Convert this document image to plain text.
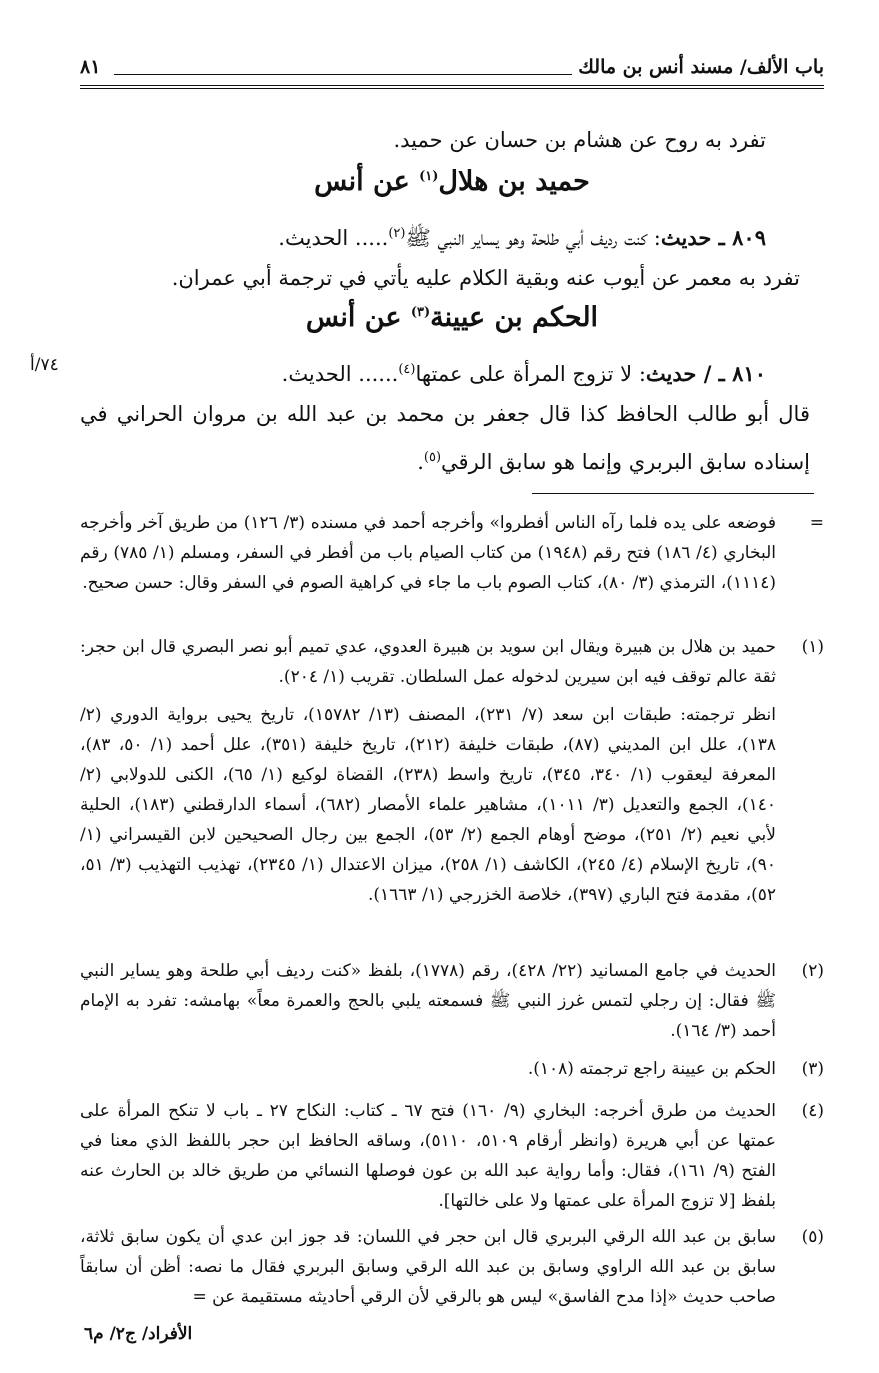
باب الألف/ مسند أنس بن مالك
٨١
تفرد به روح عن هشام بن حسان عن حميد.
حميد بن هلال$^{(١)}$ عن أنس
٨٠٩ ـ حديث: كنت رديف أبي طلحة وهو يساير النبي ﷺ$^{(٢)}$..... الحديث.
تفرد به معمر عن أيوب عنه وبقية الكلام عليه يأتي في ترجمة أبي عمران.
الحكم بن عيينة$^{(٣)}$ عن أنس
٨١٠ ـ / حديث: لا تزوج المرأة على عمتها$^{(٤)}$...... الحديث.
٧٤/أ
قال أبو طالب الحافظ كذا قال جعفر بن محمد بن عبد الله بن مروان الحراني في إسناده سابق البربري وإنما هو سابق الرقي$^{(٥)}$.
=
فوضعه على يده فلما رآه الناس أفطروا» وأخرجه أحمد في مسنده (٣/ ١٢٦) من طريق آخر وأخرجه البخاري (٤/ ١٨٦) فتح رقم (١٩٤٨) من كتاب الصيام باب من أفطر في السفر، ومسلم (١/ ٧٨٥) رقم (١١١٤)، الترمذي (٣/ ٨٠)، كتاب الصوم باب ما جاء في كراهية الصوم في السفر وقال: حسن صحيح.
(١)
حميد بن هلال بن هبيرة ويقال ابن سويد بن هبيرة العدوي، عدي تميم أبو نصر البصري قال ابن حجر: ثقة عالم توقف فيه ابن سيرين لدخوله عمل السلطان. تقريب (١/ ٢٠٤).
انظر ترجمته: طبقات ابن سعد (٧/ ٢٣١)، المصنف (١٣/ ١٥٧٨٢)، تاريخ يحيى برواية الدوري (٢/ ١٣٨)، علل ابن المديني (٨٧)، طبقات خليفة (٢١٢)، تاريخ خليفة (٣٥١)، علل أحمد (١/ ٥٠، ٨٣)، المعرفة ليعقوب (١/ ٣٤٠، ٣٤٥)، تاريخ واسط (٢٣٨)، القضاة لوكيع (١/ ٦٥)، الكنى للدولابي (٢/ ١٤٠)، الجمع والتعديل (٣/ ١٠١١)، مشاهير علماء الأمصار (٦٨٢)، أسماء الدارقطني (١٨٣)، الحلية لأبي نعيم (٢/ ٢٥١)، موضح أوهام الجمع (٢/ ٥٣)، الجمع بين رجال الصحيحين لابن القيسراني (١/ ٩٠)، تاريخ الإسلام (٤/ ٢٤٥)، الكاشف (١/ ٢٥٨)، ميزان الاعتدال (١/ ٢٣٤٥)، تهذيب التهذيب (٣/ ٥١، ٥٢)، مقدمة فتح الباري (٣٩٧)، خلاصة الخزرجي (١/ ١٦٦٣).
(٢)
الحديث في جامع المسانيد (٢٢/ ٤٢٨)، رقم (١٧٧٨)، بلفظ «كنت رديف أبي طلحة وهو يساير النبي ﷺ فقال: إن رجلي لتمس غرز النبي ﷺ فسمعته يلبي بالحج والعمرة معاً» بهامشه: تفرد به الإمام أحمد (٣/ ١٦٤).
(٣)
الحكم بن عيينة راجع ترجمته (١٠٨).
(٤)
الحديث من طرق أخرجه: البخاري (٩/ ١٦٠) فتح ٦٧ ـ كتاب: النكاح ٢٧ ـ باب لا تنكح المرأة على عمتها عن أبي هريرة (وانظر أرقام ٥١٠٩، ٥١١٠)، وساقه الحافظ ابن حجر باللفظ الذي معنا في الفتح (٩/ ١٦١)، فقال: وأما رواية عبد الله بن عون فوصلها النسائي من طريق خالد بن الحارث عنه بلفظ [لا تزوج المرأة على عمتها ولا على خالتها].
(٥)
سابق بن عبد الله الرقي البربري قال ابن حجر في اللسان: قد جوز ابن عدي أن يكون سابق ثلاثة، سابق بن عبد الله الراوي وسابق بن عبد الله الرقي وسابق البربري فقال ما نصه: أظن أن سابقاً صاحب حديث «إذا مدح الفاسق» ليس هو بالرقي لأن الرقي أحاديثه مستقيمة عن =
الأفراد/ ج٢/ م٦
